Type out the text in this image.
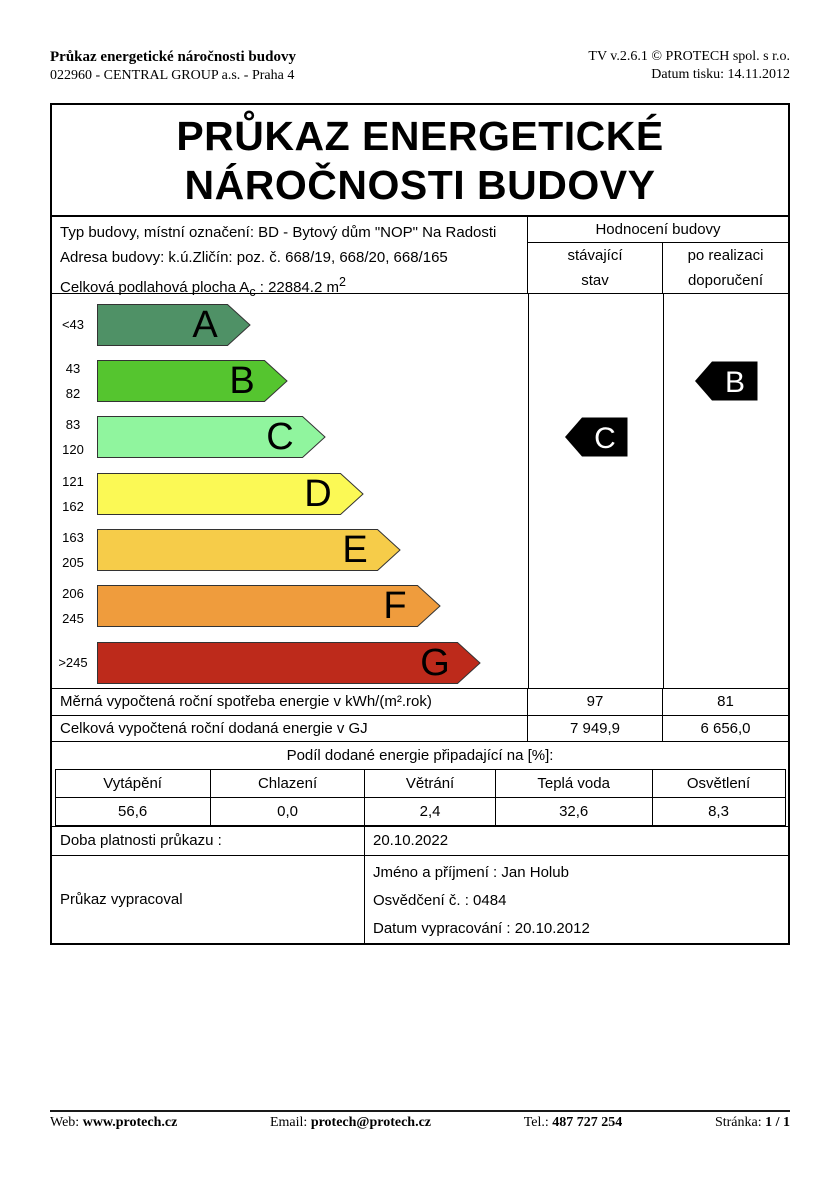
Průkaz energetické náročnosti budovy
022960 - CENTRAL GROUP a.s. - Praha 4
TV v.2.6.1 © PROTECH spol. s r.o.
Datum tisku: 14.11.2012
PRŮKAZ ENERGETICKÉ
NÁROČNOSTI BUDOVY
Typ budovy, místní označení: BD - Bytový dům "NOP" Na Radosti
Adresa budovy: k.ú.Zličín: poz. č. 668/19, 668/20, 668/165
Celková podlahová plocha $A_c$ : 22884.2 $m^2$
Hodnocení budovy
stávající
stav
po realizaci
doporučení
<43	A
43
82	B
83
120	C
121
162	D
163
205	E
206
245	F
>245	G
C
B
Měrná vypočtená roční spotřeba energie v kWh/(m².rok)	97	81
Celková vypočtená roční dodaná energie v GJ	7 949,9	6 656,0
Podíl dodané energie připadající na [%]:
Vytápění	Chlazení	Větrání	Teplá voda	Osvětlení
56,6	0,0	2,4	32,6	8,3
Doba platnosti průkazu :	20.10.2022
Průkaz vypracoval
Jméno a příjmení : Jan Holub
Osvědčení č. : 0484
Datum vypracování : 20.10.2012
Web: www.protech.cz	Email: protech@protech.cz	Tel.: 487 727 254	Stránka: 1 / 1
